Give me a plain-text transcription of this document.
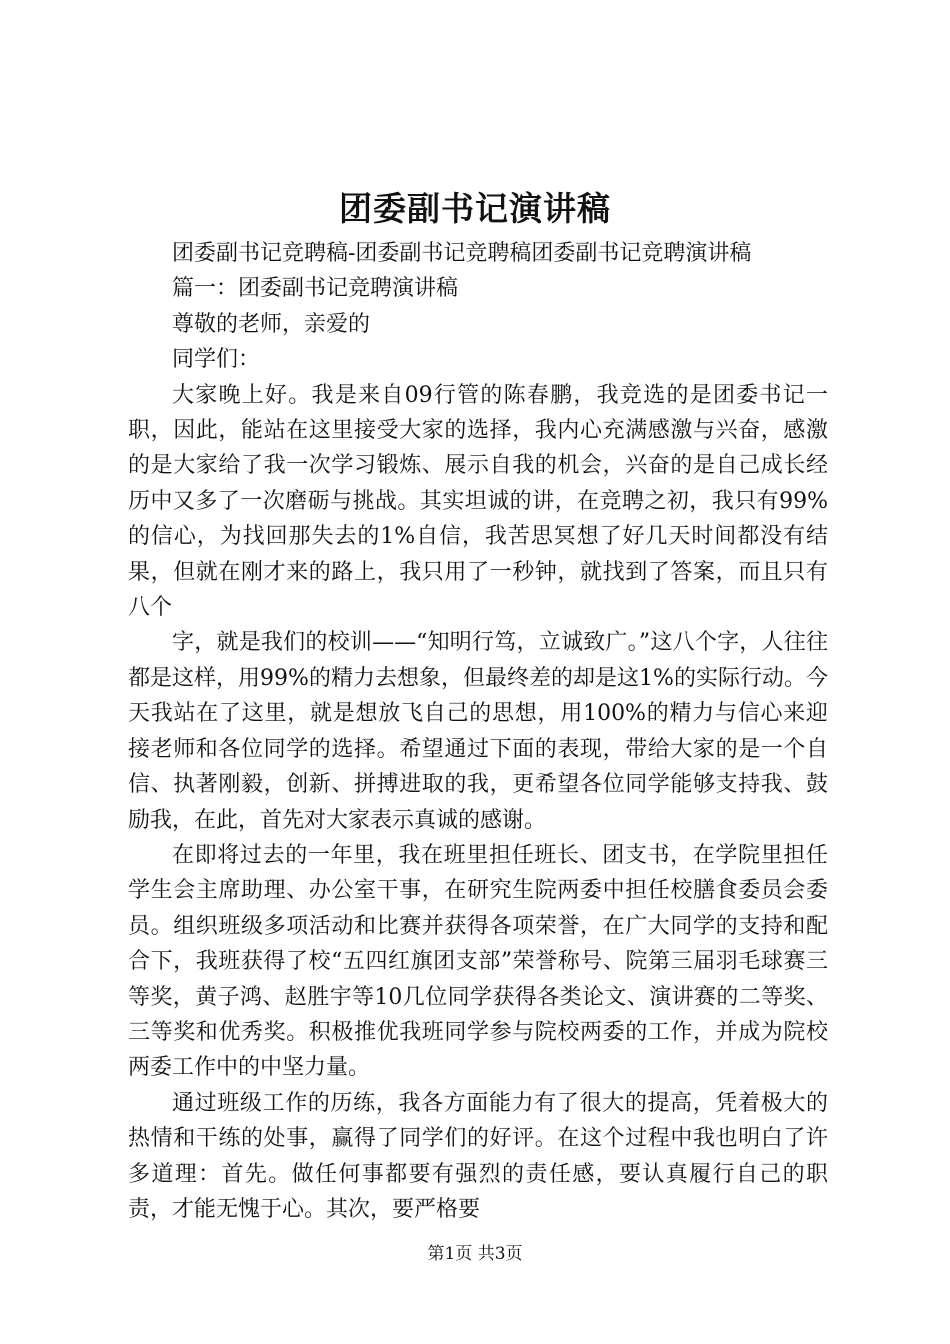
团委副书记演讲稿

团委副书记竞聘稿-团委副书记竞聘稿团委副书记竞聘演讲稿

篇一：团委副书记竞聘演讲稿

尊敬的老师，亲爱的

同学们：

大家晚上好。我是来自09行管的陈春鹏，我竞选的是团委书记一职，因此，能站在这里接受大家的选择，我内心充满感激与兴奋，感激的是大家给了我一次学习锻炼、展示自我的机会，兴奋的是自己成长经历中又多了一次磨砺与挑战。其实坦诚的讲，在竞聘之初，我只有99%的信心，为找回那失去的1%自信，我苦思冥想了好几天时间都没有结果，但就在刚才来的路上，我只用了一秒钟，就找到了答案，而且只有八个

字，就是我们的校训——“知明行笃，立诚致广。”这八个字，人往往都是这样，用99%的精力去想象，但最终差的却是这1%的实际行动。今天我站在了这里，就是想放飞自己的思想，用100%的精力与信心来迎接老师和各位同学的选择。希望通过下面的表现，带给大家的是一个自信、执著刚毅，创新、拼搏进取的我，更希望各位同学能够支持我、鼓励我，在此，首先对大家表示真诚的感谢。

在即将过去的一年里，我在班里担任班长、团支书，在学院里担任学生会主席助理、办公室干事，在研究生院两委中担任校膳食委员会委员。组织班级多项活动和比赛并获得各项荣誉，在广大同学的支持和配合下，我班获得了校“五四红旗团支部”荣誉称号、院第三届羽毛球赛三等奖，黄子鸿、赵胜宇等10几位同学获得各类论文、演讲赛的二等奖、三等奖和优秀奖。积极推优我班同学参与院校两委的工作，并成为院校两委工作中的中坚力量。

通过班级工作的历练，我各方面能力有了很大的提高，凭着极大的热情和干练的处事，赢得了同学们的好评。在这个过程中我也明白了许多道理：首先。做任何事都要有强烈的责任感，要认真履行自己的职责，才能无愧于心。其次，要严格要

第1页 共3页
